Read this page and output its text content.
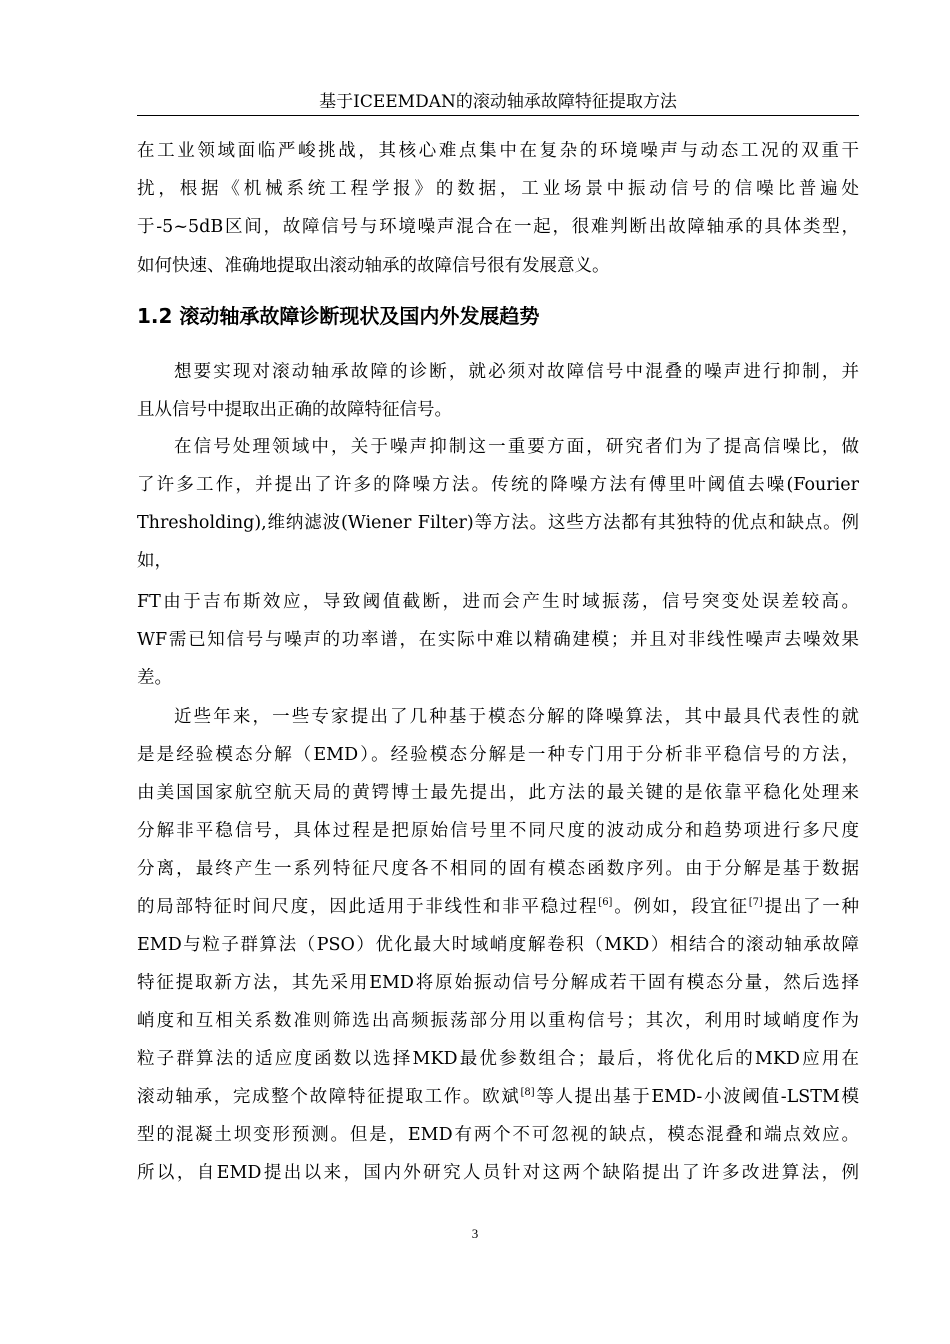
基于ICEEMDAN的滚动轴承故障特征提取方法
在工业领域面临严峻挑战，其核心难点集中在复杂的环境噪声与动态工况的双重干
扰，根据《机械系统工程学报》的数据，工业场景中振动信号的信噪比普遍处
于-5~5dB区间，故障信号与环境噪声混合在一起，很难判断出故障轴承的具体类型，
如何快速、准确地提取出滚动轴承的故障信号很有发展意义。
1.2 滚动轴承故障诊断现状及国内外发展趋势
想要实现对滚动轴承故障的诊断，就必须对故障信号中混叠的噪声进行抑制，并
且从信号中提取出正确的故障特征信号。
在信号处理领域中，关于噪声抑制这一重要方面，研究者们为了提高信噪比，做
了许多工作，并提出了许多的降噪方法。传统的降噪方法有傅里叶阈值去噪(Fourier
Thresholding),维纳滤波(Wiener Filter)等方法。这些方法都有其独特的优点和缺点。例
如，
FT由于吉布斯效应，导致阈值截断，进而会产生时域振荡，信号突变处误差较高。
WF需已知信号与噪声的功率谱，在实际中难以精确建模；并且对非线性噪声去噪效果
差。
近些年来，一些专家提出了几种基于模态分解的降噪算法，其中最具代表性的就
是是经验模态分解（EMD）。经验模态分解是一种专门用于分析非平稳信号的方法，
由美国国家航空航天局的黄锷博士最先提出，此方法的最关键的是依靠平稳化处理来
分解非平稳信号，具体过程是把原始信号里不同尺度的波动成分和趋势项进行多尺度
分离，最终产生一系列特征尺度各不相同的固有模态函数序列。由于分解是基于数据
的局部特征时间尺度，因此适用于非线性和非平稳过程[6]。例如，段宜征[7]提出了一种
EMD与粒子群算法（PSO）优化最大时域峭度解卷积（MKD）相结合的滚动轴承故障
特征提取新方法，其先采用EMD将原始振动信号分解成若干固有模态分量，然后选择
峭度和互相关系数准则筛选出高频振荡部分用以重构信号；其次，利用时域峭度作为
粒子群算法的适应度函数以选择MKD最优参数组合；最后，将优化后的MKD应用在
滚动轴承，完成整个故障特征提取工作。欧斌[8]等人提出基于EMD-小波阈值-LSTM模
型的混凝土坝变形预测。但是，EMD有两个不可忽视的缺点，模态混叠和端点效应。
所以，自EMD提出以来，国内外研究人员针对这两个缺陷提出了许多改进算法，例
3
